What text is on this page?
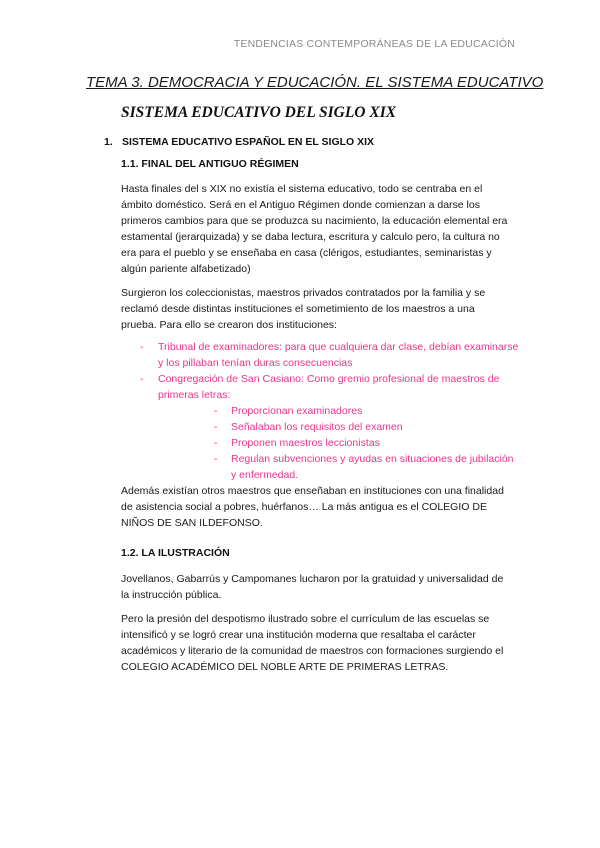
TENDENCIAS CONTEMPORÁNEAS DE LA EDUCACIÓN
TEMA 3. DEMOCRACIA Y EDUCACIÓN. EL SISTEMA EDUCATIVO
SISTEMA EDUCATIVO DEL SIGLO XIX
1. SISTEMA EDUCATIVO ESPAÑOL EN EL SIGLO XIX
1.1. FINAL DEL ANTIGUO RÉGIMEN

Hasta finales del s XIX no existía el sistema educativo, todo se centraba en el ámbito doméstico. Será en el Antiguo Régimen donde comienzan a darse los primeros cambios para que se produzca su nacimiento, la educación elemental era estamental (jerarquizada) y se daba lectura, escritura y calculo pero, la cultura no era para el pueblo y se enseñaba en casa (clérigos, estudiantes, seminaristas y algún pariente alfabetizado)

Surgieron los coleccionistas, maestros privados contratados por la familia y se reclamó desde distintas instituciones el sometimiento de los maestros a una prueba. Para ello se crearon dos instituciones:

- Tribunal de examinadores: para que cualquiera dar clase, debían examinarse y los pillaban tenían duras consecuencias
- Congregación de San Casiano: Como gremio profesional de maestros de primeras letras:
- Proporcionan examinadores
- Señalaban los requisitos del examen
- Proponen maestros leccionistas
- Regulan subvenciones y ayudas en situaciones de jubilación y enfermedad.

Además existían otros maestros que enseñaban en instituciones con una finalidad de asistencia social a pobres, huérfanos… La más antigua es el COLEGIO DE NIÑOS DE SAN ILDEFONSO.

1.2. LA ILUSTRACIÓN

Jovellanos, Gabarrús y Campomanes lucharon por la gratuidad y universalidad de la instrucción pública.

Pero la presión del despotismo ilustrado sobre el currículum de las escuelas se intensificó y se logró crear una institución moderna que resaltaba el carácter académicos y literario de la comunidad de maestros con formaciones surgiendo el COLEGIO ACADÉMICO DEL NOBLE ARTE DE PRIMERAS LETRAS.
